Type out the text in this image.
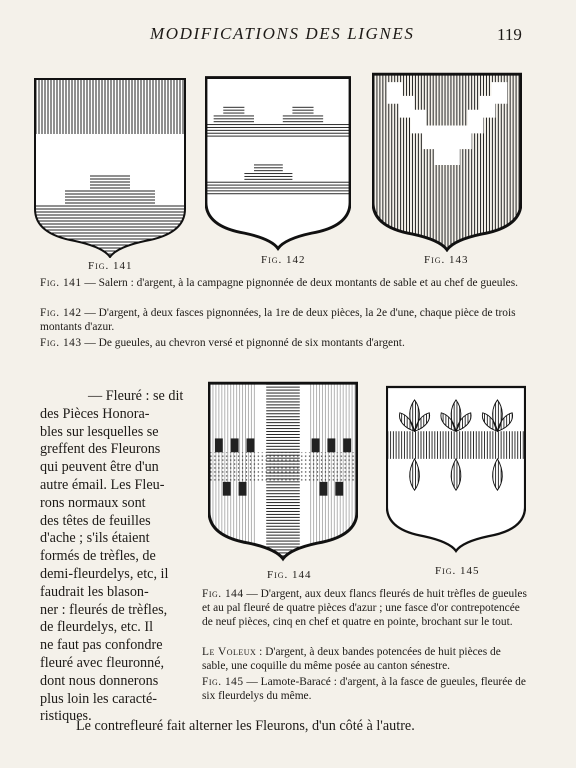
MODIFICATIONS DES LIGNES	119
Fig. 141	Fig. 142	Fig. 143
Fig. 141 — Salern : d'argent, à la campagne pignonnée de deux montants de sable et au chef de gueules.
Fig. 142 — D'argent, à deux fasces pignonnées, la 1re de deux pièces, la 2e d'une, chaque pièce de trois montants d'azur.
Fig. 143 — De gueules, au chevron versé et pignonné de six montants d'argent.

— Fleuré : se dit

des Pièces Honora-

bles sur lesquelles se

greffent des Fleurons

qui peuvent être d'un

autre émail. Les Fleu-

rons normaux sont

des têtes de feuilles

d'ache ; s'ils étaient

formés de trèfles, de

demi-fleurdelys, etc, il

faudrait les blason-

ner : fleurés de trèfles,

de fleurdelys, etc. Il

ne faut pas confondre

fleuré avec fleuronné,

dont nous donnerons

plus loin les caracté-

ristiques.

Fig. 144	Fig. 145
Fig. 144 — D'argent, aux deux flancs fleurés de huit trèfles de gueules et au pal fleuré de quatre pièces d'azur ; une fasce d'or contrepotencée de neuf pièces, cinq en chef et quatre en pointe, brochant sur le tout.
Le Voleux : D'argent, à deux bandes potencées de huit pièces de sable, une coquille du même posée au canton sénestre.
Fig. 145 — Lamote-Baracé : d'argent, à la fasce de gueules, fleurée de six fleurdelys du même.
Le contrefleuré fait alterner les Fleurons, d'un côté à l'autre.
